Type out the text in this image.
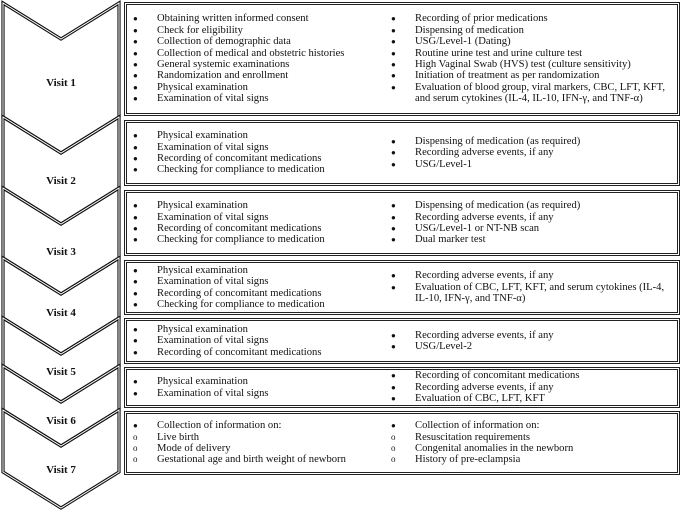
Visit 1
●	Obtaining written informed consent
●	Check for eligibility
●	Collection of demographic data
●	Collection of medical and obstetric histories
●	General systemic examinations
●	Randomization and enrollment
●	Physical examination
●	Examination of vital signs
●	Recording of prior medications
●	Dispensing of medication
●	USG/Level-1 (Dating)
●	Routine urine test and urine culture test
●	High Vaginal Swab (HVS) test (culture sensitivity)
●	Initiation of treatment as per randomization
●	Evaluation of blood group, viral markers, CBC, LFT, KFT, and serum cytokines (IL-4, IL-10, IFN-γ, and TNF-α)
Visit 2
●	Physical examination
●	Examination of vital signs
●	Recording of concomitant medications
●	Checking for compliance to medication
●	Dispensing of medication (as required)
●	Recording adverse events, if any
●	USG/Level-1
Visit 3
●	Physical examination
●	Examination of vital signs
●	Recording of concomitant medications
●	Checking for compliance to medication
●	Dispensing of medication (as required)
●	Recording adverse events, if any
●	USG/Level-1 or NT-NB scan
●	Dual marker test
Visit 4
●	Physical examination
●	Examination of vital signs
●	Recording of concomitant medications
●	Checking for compliance to medication
●	Recording adverse events, if any
●	Evaluation of CBC, LFT, KFT, and serum cytokines (IL-4, IL-10, IFN-γ, and TNF-α)
Visit 5
●	Physical examination
●	Examination of vital signs
●	Recording of concomitant medications
●	Recording adverse events, if any
●	USG/Level-2
Visit 6
●	Physical examination
●	Examination of vital signs
●	Recording of concomitant medications
●	Recording adverse events, if any
●	Evaluation of CBC, LFT, KFT
Visit 7
●	Collection of information on:
o	Live birth
o	Mode of delivery
o	Gestational age and birth weight of newborn
●	Collection of information on:
o	Resuscitation requirements
o	Congenital anomalies in the newborn
o	History of pre-eclampsia
